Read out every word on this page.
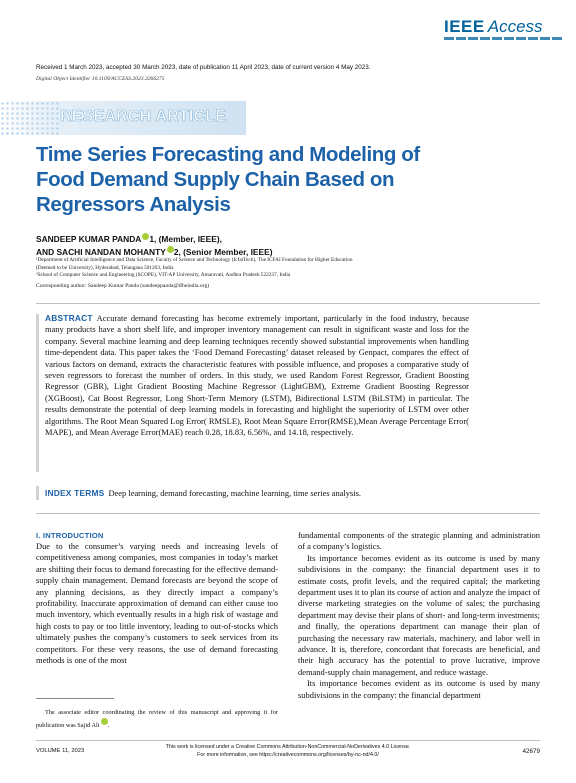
IEEE Access
Received 1 March 2023, accepted 30 March 2023, date of publication 11 April 2023, date of current version 4 May 2023.
Digital Object Identifier 10.1109/ACCESS.2023.3266275
RESEARCH ARTICLE
Time Series Forecasting and Modeling of Food Demand Supply Chain Based on Regressors Analysis
SANDEEP KUMAR PANDA 1, (Member, IEEE),
AND SACHI NANDAN MOHANTY 2, (Senior Member, IEEE)
¹Department of Artificial Intelligence and Data Science, Faculty of Science and Technology (IcfaiTech), The ICFAI Foundation for Higher Education
(Deemed to be University), Hyderabad, Telangana 501203, India
²School of Computer Science and Engineering (SCOPE), VIT-AP University, Amaravati, Andhra Pradesh 522237, India
Corresponding author: Sandeep Kumar Panda (sandeeppanda@ifheindia.org)

ABSTRACT Accurate demand forecasting has become extremely important, particularly in the food industry, because many products have a short shelf life, and improper inventory management can result in significant waste and loss for the company. Several machine learning and deep learning techniques recently showed substantial improvements when handling time-dependent data. This paper takes the ‘Food Demand Forecasting’ dataset released by Genpact, compares the effect of various factors on demand, extracts the characteristic features with possible influence, and proposes a comparative study of seven regressors to forecast the number of orders. In this study, we used Random Forest Regressor, Gradient Boosting Regressor (GBR), Light Gradient Boosting Machine Regressor (LightGBM), Extreme Gradient Boosting Regressor (XGBoost), Cat Boost Regressor, Long Short-Term Memory (LSTM), Bidirectional LSTM (BiLSTM) in particular. The results demonstrate the potential of deep learning models in forecasting and highlight the superiority of LSTM over other algorithms. The Root Mean Squared Log Error( RMSLE), Root Mean Square Error(RMSE),Mean Average Percentage Error( MAPE), and Mean Average Error(MAE) reach 0.28, 18.83, 6.56%, and 14.18, respectively.

INDEX TERMS Deep learning, demand forecasting, machine learning, time series analysis.

I. INTRODUCTION

Due to the consumer’s varying needs and increasing levels of competitiveness among companies, most companies in today’s market are shifting their focus to demand forecasting for the effective demand-supply chain management. Demand forecasts are beyond the scope of any planning decisions, as they directly impact a company’s profitability. Inaccurate approximation of demand can either cause too much inventory, which eventually results in a high risk of wastage and high costs to pay or too little inventory, leading to out-of-stocks which ultimately pushes the company’s customers to seek services from its competitors. For these very reasons, the use of demand forecasting methods is one of the most

fundamental components of the strategic planning and administration of a company’s logistics.

Its importance becomes evident as its outcome is used by many subdivisions in the company: the financial department uses it to estimate costs, profit levels, and the required capital; the marketing department uses it to plan its course of action and analyze the impact of diverse marketing strategies on the volume of sales; the purchasing department may devise their plans of short- and long-term investments; and finally, the operations department can manage their plan of purchasing the necessary raw materials, machinery, and labor well in advance. It is, therefore, concordant that forecasts are beneficial, and their high accuracy has the potential to prove lucrative, improve demand-supply chain management, and reduce wastage.

Its importance becomes evident as its outcome is used by many subdivisions in the company: the financial department

The associate editor coordinating the review of this manuscript and approving it for publication was Sajid Ali .

VOLUME 11, 2023
This work is licensed under a Creative Commons Attribution-NonCommercial-NoDerivatives 4.0 License.
For more information, see https://creativecommons.org/licenses/by-nc-nd/4.0/	42679
